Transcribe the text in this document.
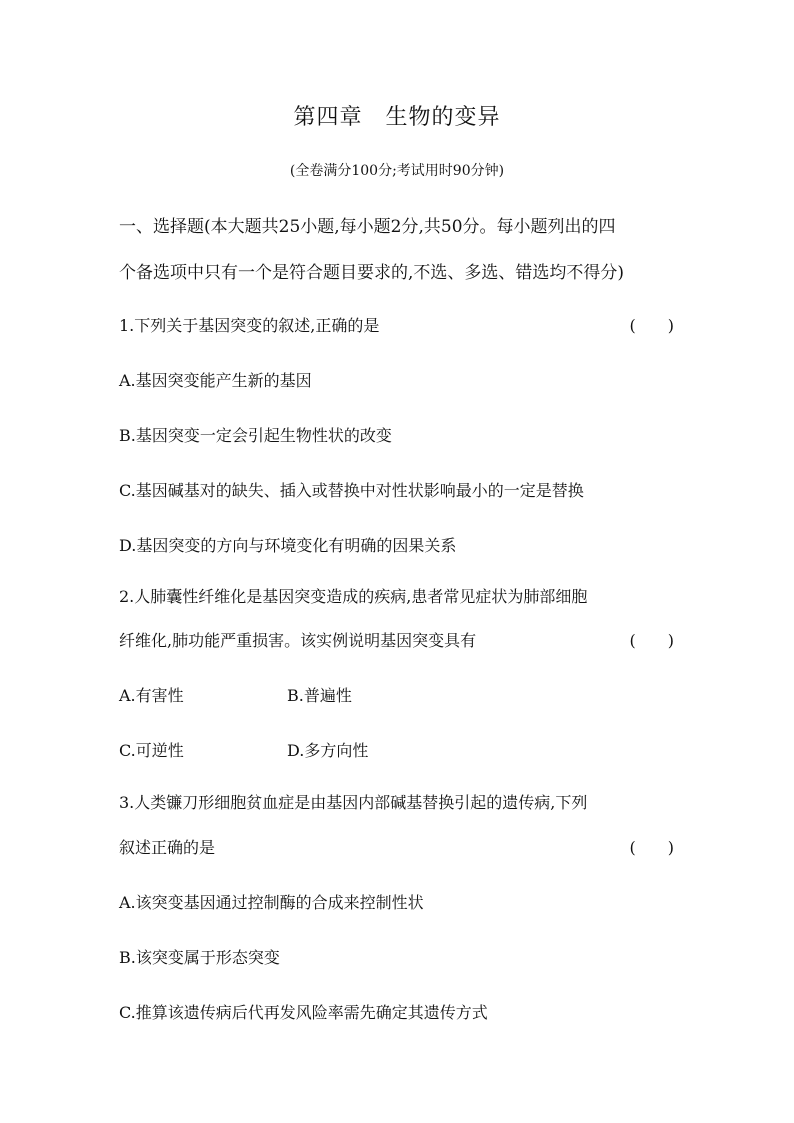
第四章　生物的变异
(全卷满分100分;考试用时90分钟)
一、选择题(本大题共25小题,每小题2分,共50分。每小题列出的四
个备选项中只有一个是符合题目要求的,不选、多选、错选均不得分)
1.下列关于基因突变的叙述,正确的是	(　　)
A.基因突变能产生新的基因
B.基因突变一定会引起生物性状的改变
C.基因碱基对的缺失、插入或替换中对性状影响最小的一定是替换
D.基因突变的方向与环境变化有明确的因果关系
2.人肺囊性纤维化是基因突变造成的疾病,患者常见症状为肺部细胞
纤维化,肺功能严重损害。该实例说明基因突变具有	(　　)
A.有害性	B.普遍性
C.可逆性	D.多方向性
3.人类镰刀形细胞贫血症是由基因内部碱基替换引起的遗传病,下列
叙述正确的是	(　　)
A.该突变基因通过控制酶的合成来控制性状
B.该突变属于形态突变
C.推算该遗传病后代再发风险率需先确定其遗传方式
